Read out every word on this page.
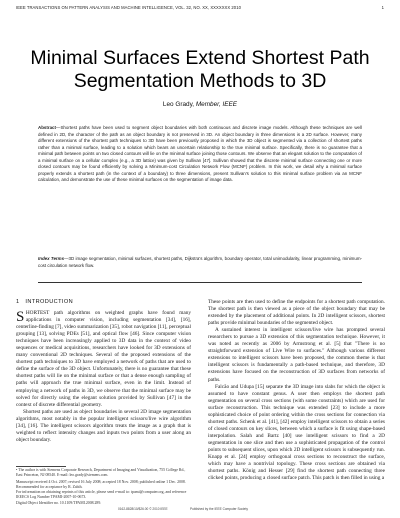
IEEE TRANSACTIONS ON PATTERN ANALYSIS AND MACHINE INTELLIGENCE, VOL. 32, NO. XX, XXXXXXX 2010	1
Minimal Surfaces Extend Shortest Path Segmentation Methods to 3D
Leo Grady, Member, IEEE
Abstract—Shortest paths have been used to segment object boundaries with both continuous and discrete image models. Although these techniques are well defined in 2D, the character of the path as an object boundary is not preserved in 3D. An object boundary in three dimensions is a 2D surface. However, many different extensions of the shortest path techniques to 3D have been previously proposed in which the 3D object is segmented via a collection of shortest paths rather than a minimal surface, leading to a solution which bears an uncertain relationship to the true minimal surface. Specifically, there is no guarantee that a minimal path between points on two closed contours will lie on the minimal surface joining those contours. We observe that an elegant solution to the computation of a minimal surface on a cellular complex (e.g., a 3D lattice) was given by Sullivan [47]. Sullivan showed that the discrete minimal surface connecting one or more closed contours may be found efficiently by solving a Minimum-cost Circulation Network Flow (MCNF) problem. In this work, we detail why a minimal surface properly extends a shortest path (in the context of a boundary) to three dimensions, present Sullivan's solution to this minimal surface problem via an MCNF calculation, and demonstrate the use of these minimal surfaces on the segmentation of image data.
Index Terms—3D image segmentation, minimal surfaces, shortest paths, Dijkstra's algorithm, boundary operator, total unimodularity, linear programming, minimum-cost circulation network flow.
1 INTRODUCTION

SHORTEST path algorithms on weighted graphs have found many applications in computer vision, including segmentation [34], [16], centerline-finding [7], video summarization [35], robot navigation [11], perceptual grouping [13], solving PDEs [51], and optical flow [46]. Since computer vision techniques have been increasingly applied to 3D data in the context of video sequences or medical acquisitions, researchers have looked for 3D extensions of many conventional 2D techniques. Several of the proposed extensions of the shortest path techniques to 3D have employed a network of paths that are used to define the surface of the 3D object. Unfortunately, there is no guarantee that these shortest paths will lie on the minimal surface or that a dense enough sampling of paths will approach the true minimal surface, even in the limit. Instead of employing a network of paths in 3D, we observe that the minimal surface may be solved for directly using the elegant solution provided by Sullivan [47] in the context of discrete differential geometry.

Shortest paths are used as object boundaries in several 2D image segmentation algorithms, most notably in the popular intelligent scissors/live wire algorithm [34], [16]. The intelligent scissors algorithm treats the image as a graph that is weighted to reflect intensity changes and inputs two points from a user along an object boundary.

These points are then used to define the endpoints for a shortest path computation. The shortest path is then viewed as a piece of the object boundary that may be extended by the placement of additional points. In 2D intelligent scissors, shortest paths provide minimal boundaries of the segmented object.

A sustained interest in intelligent scissors/live wire has prompted several researchers to pursue a 3D extension of this segmentation technique. However, it was noted as recently as 2006 by Armstrong et al. [5] that "There is no straightforward extension of Live Wire to surfaces." Although various different extensions to intelligent scissors have been proposed, the common theme is that intelligent scissors is fundamentally a path-based technique, and therefore, 3D extensions have focused on the reconstruction of 3D surfaces from networks of paths.

Falcão and Udupa [15] separate the 3D image into slabs for which the object is assumed to have constant genus. A user then employs the shortest path segmentation on several cross sections (with some constraints) which are used for surface reconstruction. This technique was extended [23] to include a more sophisticated choice of point ordering within the cross sections for connection via shortest paths. Schenk et al. [41], [42] employ intelligent scissors to obtain a series of closed contours on key slices, between which a surface is fit using shape-based interpolation. Salah and Bartz [40] use intelligent scissors to find a 2D segmentation in one slice and then use a sophisticated propagation of the control points to subsequent slices, upon which 2D intelligent scissors is subsequently run. Knapp et al. [24] employ orthogonal cross sections to reconstruct the surface, which may have a nontrivial topology. These cross sections are obtained via shortest paths. König and Hesser [29] find the shortest path connecting three clicked points, producing a closed surface patch. This patch is then filled in using a

• The author is with Siemens Corporate Research, Department of Imaging and Visualization, 755 College Rd., East Princeton, NJ 08540. E-mail: leo.grady@siemens.com.

Manuscript received 4 Oct. 2007; revised 16 July 2008; accepted 18 Nov. 2008; published online 1 Dec. 2008.

Recommended for acceptance by R. Zabih.

For information on obtaining reprints of this article, please send e-mail to: tpami@computer.org, and reference IEEECS Log Number TPAMI-2007-10-0673.

Digital Object Identifier no. 10.1109/TPAMI.2008.289.

0162-8828/10/$26.00 © 2010 IEEE	Published by the IEEE Computer Society
